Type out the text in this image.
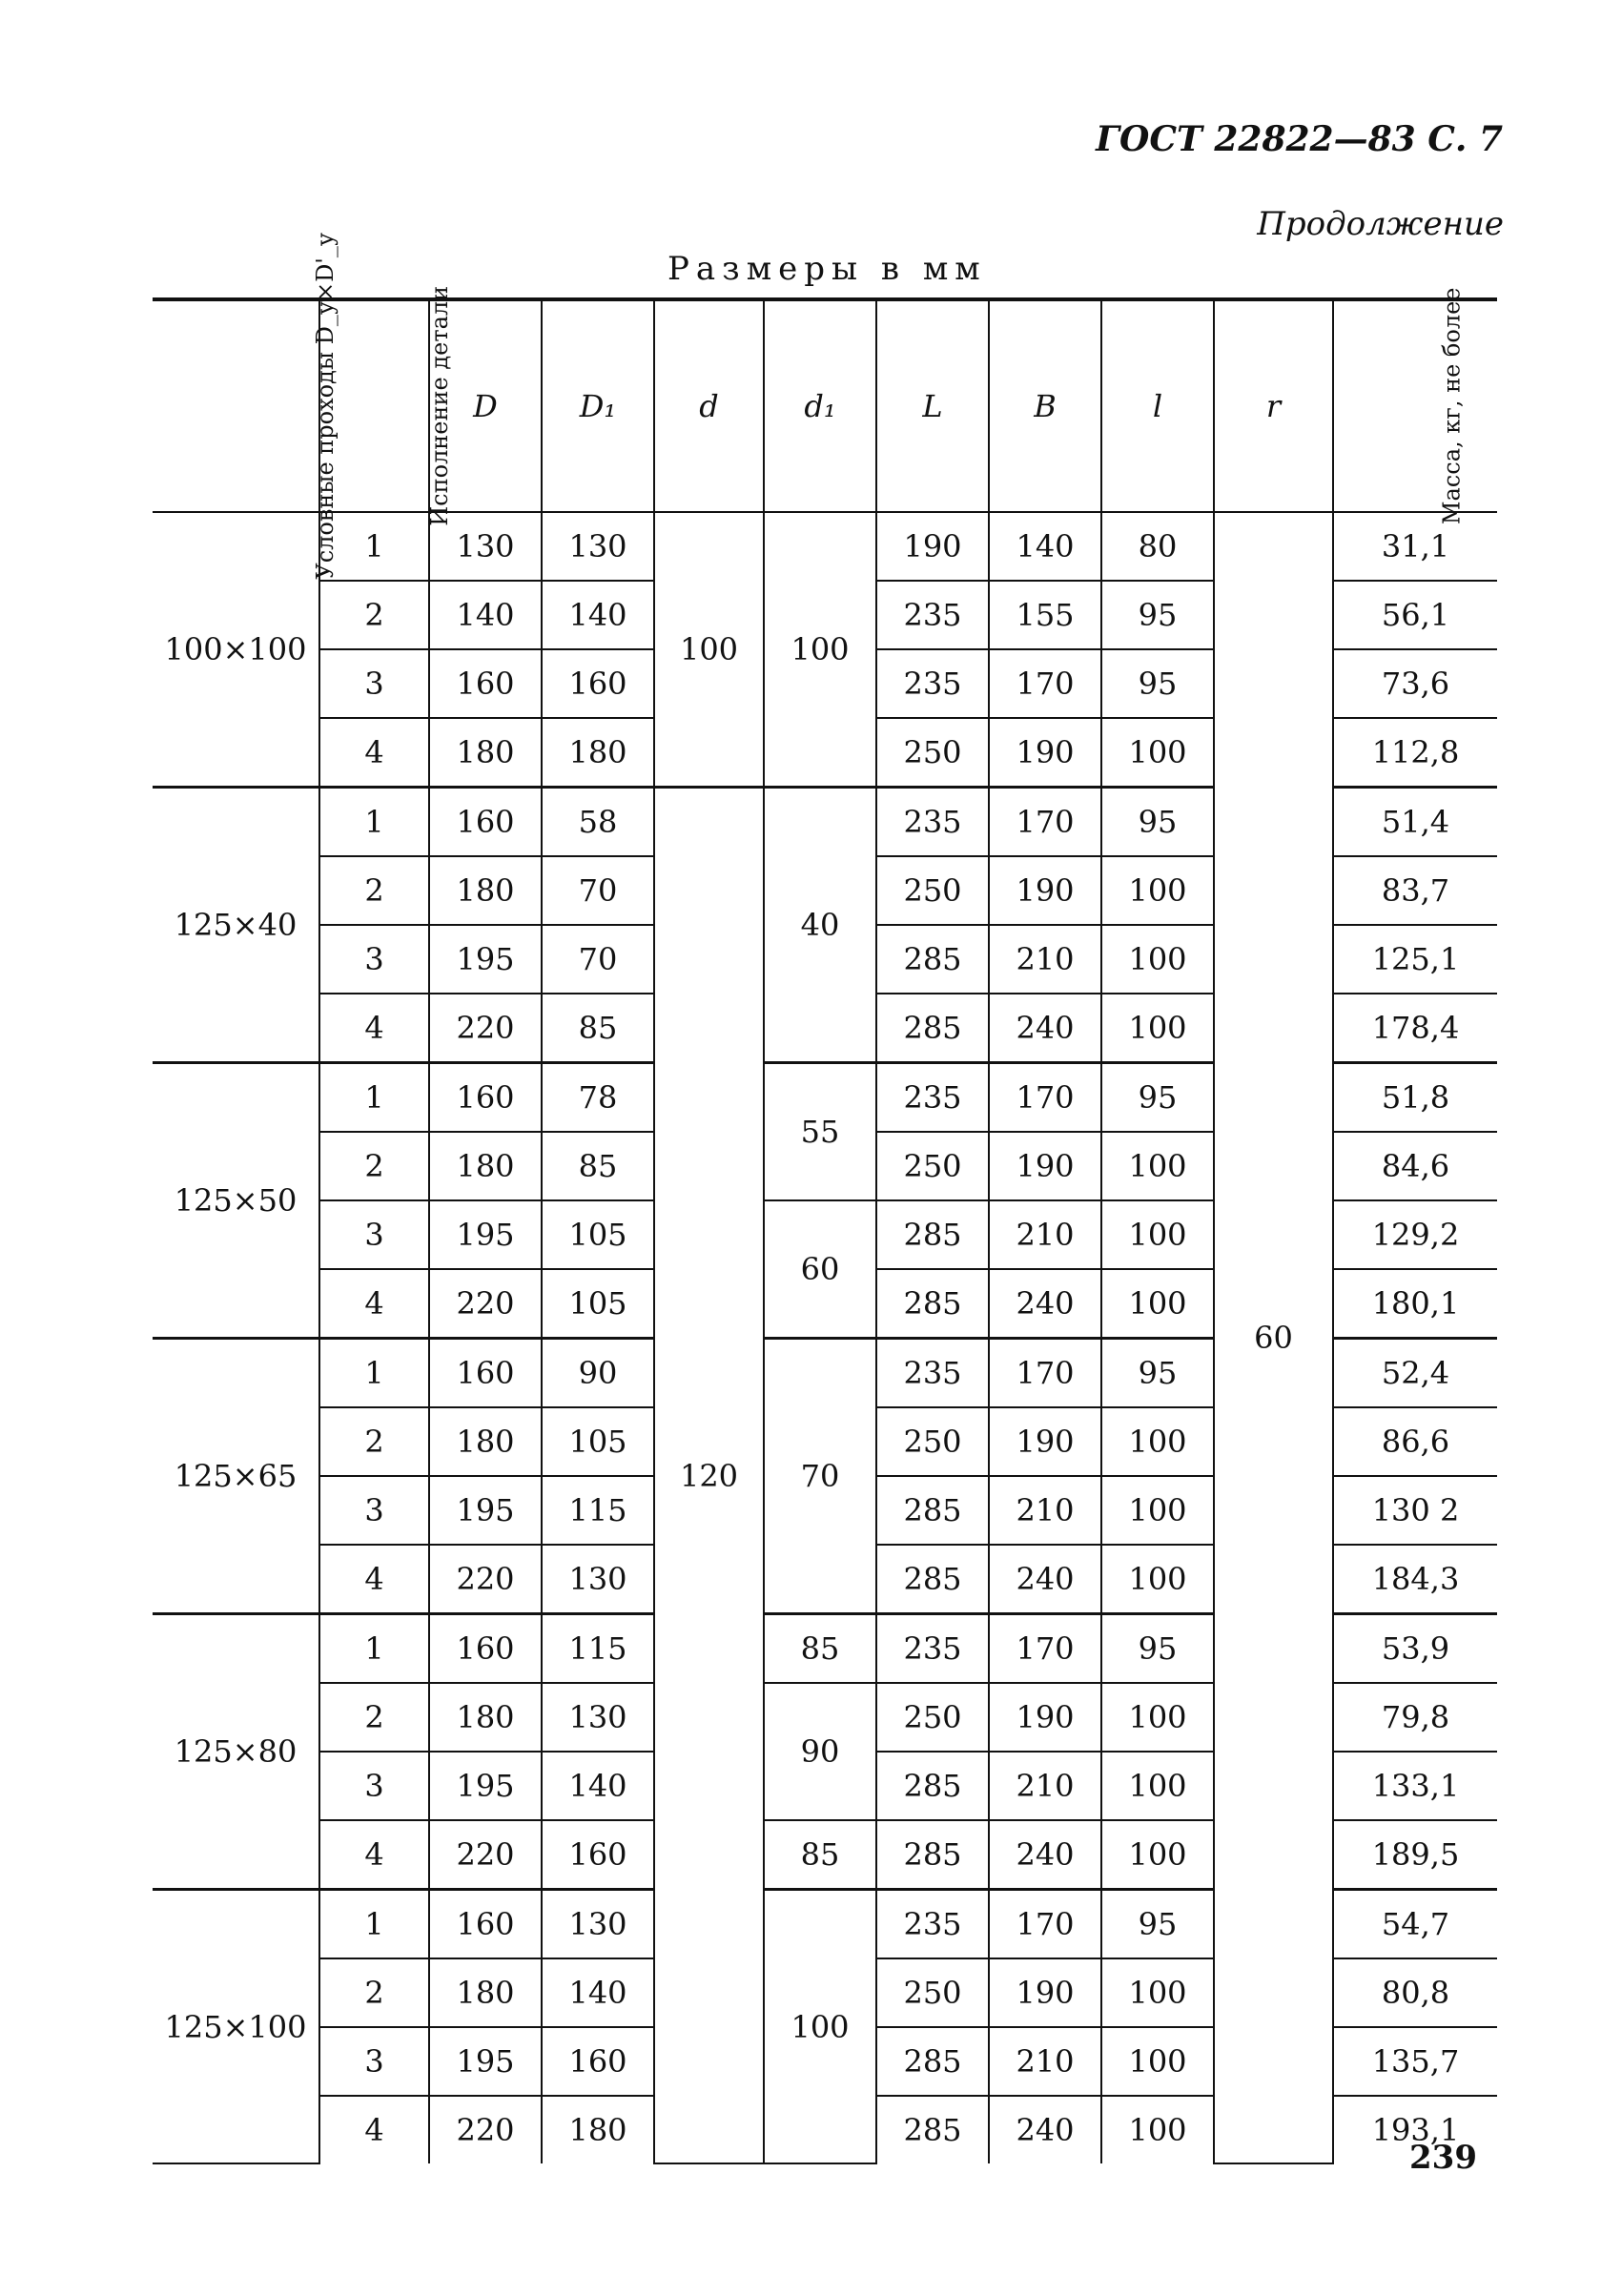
ГОСТ 22822—83 С. 7
Продолжение
Размеры в мм
Условные проходы D_у×D'_у	Исполнение детали	D	D₁	d	d₁	L	B	l	r	Масса, кг, не более
100×100	1	130	130	100	100	190	140	80	60	31,1
	2	140	140			235	155	95		56,1
	3	160	160			235	170	95		73,6
	4	180	180			250	190	100		112,8
125×40	1	160	58	120	40	235	170	95		51,4
	2	180	70			250	190	100		83,7
	3	195	70			285	210	100		125,1
	4	220	85			285	240	100		178,4
125×50	1	160	78		55	235	170	95		51,8
	2	180	85			250	190	100		84,6
	3	195	105		60	285	210	100		129,2
	4	220	105			285	240	100		180,1
125×65	1	160	90		70	235	170	95		52,4
	2	180	105			250	190	100		86,6
	3	195	115			285	210	100		130 2
	4	220	130			285	240	100		184,3
125×80	1	160	115		85	235	170	95		53,9
	2	180	130		90	250	190	100		79,8
	3	195	140			285	210	100		133,1
	4	220	160		85	285	240	100		189,5
125×100	1	160	130		100	235	170	95		54,7
	2	180	140			250	190	100		80,8
	3	195	160			285	210	100		135,7
	4	220	180			285	240	100		193,1
239
